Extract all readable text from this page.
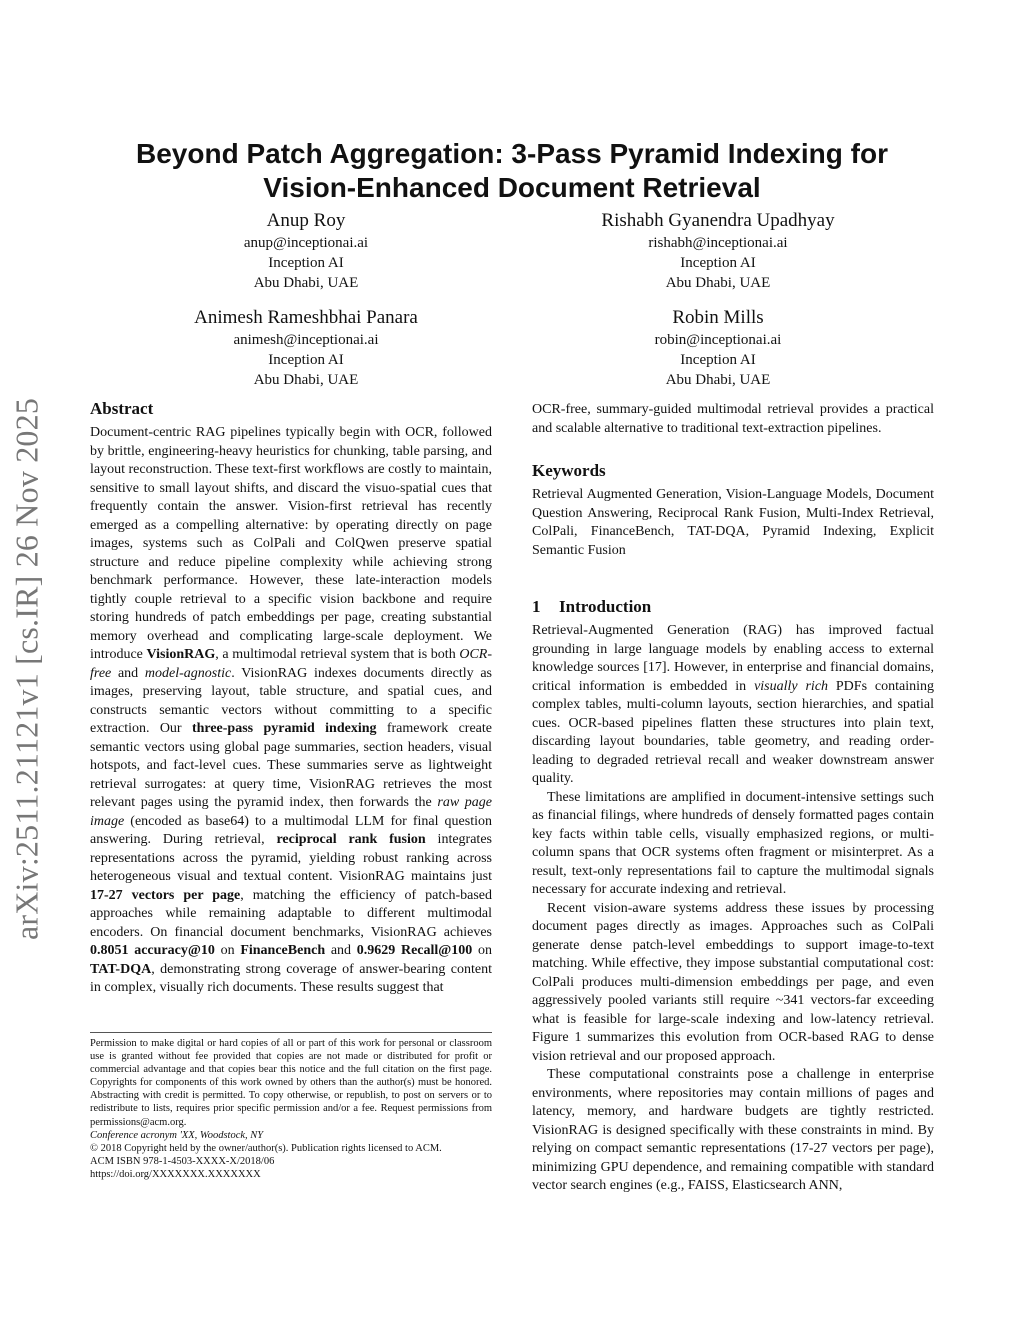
arXiv:2511.21121v1 [cs.IR] 26 Nov 2025
Beyond Patch Aggregation: 3-Pass Pyramid Indexing for
Vision-Enhanced Document Retrieval
Anup Roy
anup@inceptionai.ai
Inception AI
Abu Dhabi, UAE
Rishabh Gyanendra Upadhyay
rishabh@inceptionai.ai
Inception AI
Abu Dhabi, UAE
Animesh Rameshbhai Panara
animesh@inceptionai.ai
Inception AI
Abu Dhabi, UAE
Robin Mills
robin@inceptionai.ai
Inception AI
Abu Dhabi, UAE
Abstract

Document-centric RAG pipelines typically begin with OCR, followed by brittle, engineering-heavy heuristics for chunking, table parsing, and layout reconstruction. These text-first workflows are costly to maintain, sensitive to small layout shifts, and discard the visuo-spatial cues that frequently contain the answer. Vision-first retrieval has recently emerged as a compelling alternative: by operating directly on page images, systems such as ColPali and ColQwen preserve spatial structure and reduce pipeline complexity while achieving strong benchmark performance. However, these late-interaction models tightly couple retrieval to a specific vision backbone and require storing hundreds of patch embeddings per page, creating substantial memory overhead and complicating large-scale deployment. We introduce VisionRAG, a multimodal retrieval system that is both OCR-free and model-agnostic. VisionRAG indexes documents directly as images, preserving layout, table structure, and spatial cues, and constructs semantic vectors without committing to a specific extraction. Our three-pass pyramid indexing framework create semantic vectors using global page summaries, section headers, visual hotspots, and fact-level cues. These summaries serve as lightweight retrieval surrogates: at query time, VisionRAG retrieves the most relevant pages using the pyramid index, then forwards the raw page image (encoded as base64) to a multimodal LLM for final question answering. During retrieval, reciprocal rank fusion integrates representations across the pyramid, yielding robust ranking across heterogeneous visual and textual content. VisionRAG maintains just 17-27 vectors per page, matching the efficiency of patch-based approaches while remaining adaptable to different multimodal encoders. On financial document benchmarks, VisionRAG achieves 0.8051 accuracy@10 on FinanceBench and 0.9629 Recall@100 on TAT-DQA, demonstrating strong coverage of answer-bearing content in complex, visually rich documents. These results suggest that

OCR-free, summary-guided multimodal retrieval provides a practical and scalable alternative to traditional text-extraction pipelines.

Keywords

Retrieval Augmented Generation, Vision-Language Models, Document Question Answering, Reciprocal Rank Fusion, Multi-Index Retrieval, ColPali, FinanceBench, TAT-DQA, Pyramid Indexing, Explicit Semantic Fusion

1 Introduction

Retrieval-Augmented Generation (RAG) has improved factual grounding in large language models by enabling access to external knowledge sources [17]. However, in enterprise and financial domains, critical information is embedded in visually rich PDFs containing complex tables, multi-column layouts, section hierarchies, and spatial cues. OCR-based pipelines flatten these structures into plain text, discarding layout boundaries, table geometry, and reading order-leading to degraded retrieval recall and weaker downstream answer quality.

These limitations are amplified in document-intensive settings such as financial filings, where hundreds of densely formatted pages contain key facts within table cells, visually emphasized regions, or multi-column spans that OCR systems often fragment or misinterpret. As a result, text-only representations fail to capture the multimodal signals necessary for accurate indexing and retrieval.

Recent vision-aware systems address these issues by processing document pages directly as images. Approaches such as ColPali generate dense patch-level embeddings to support image-to-text matching. While effective, they impose substantial computational cost: ColPali produces multi-dimension embeddings per page, and even aggressively pooled variants still require ~341 vectors-far exceeding what is feasible for large-scale indexing and low-latency retrieval. Figure 1 summarizes this evolution from OCR-based RAG to dense vision retrieval and our proposed approach.

These computational constraints pose a challenge in enterprise environments, where repositories may contain millions of pages and latency, memory, and hardware budgets are tightly restricted. VisionRAG is designed specifically with these constraints in mind. By relying on compact semantic representations (17-27 vectors per page), minimizing GPU dependence, and remaining compatible with standard vector search engines (e.g., FAISS, Elasticsearch ANN,

Permission to make digital or hard copies of all or part of this work for personal or classroom use is granted without fee provided that copies are not made or distributed for profit or commercial advantage and that copies bear this notice and the full citation on the first page. Copyrights for components of this work owned by others than the author(s) must be honored. Abstracting with credit is permitted. To copy otherwise, or republish, to post on servers or to redistribute to lists, requires prior specific permission and/or a fee. Request permissions from permissions@acm.org.

Conference acronym 'XX, Woodstock, NY

© 2018 Copyright held by the owner/author(s). Publication rights licensed to ACM.

ACM ISBN 978-1-4503-XXXX-X/2018/06

https://doi.org/XXXXXXX.XXXXXXX
